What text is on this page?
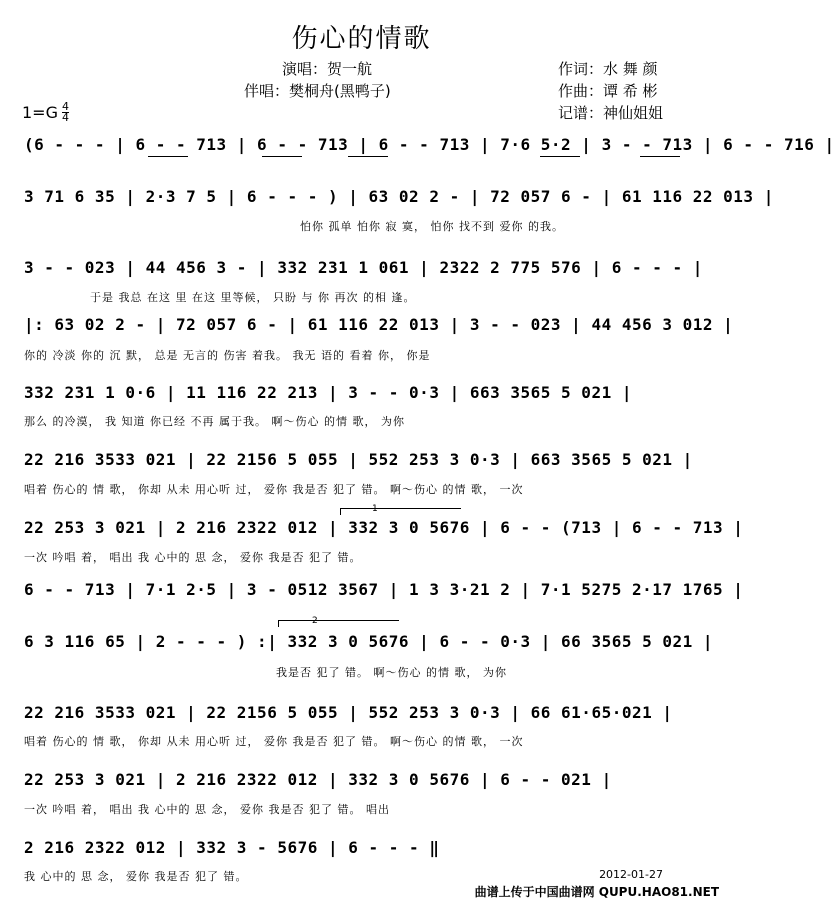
伤心的情歌
演唱：贺一航
伴唱：樊桐舟(黑鸭子)
作词：水 舞 颜
作曲：谭 希 彬
记谱：神仙姐姐
$1=G \frac{4}{4}$
(6 - - - | 6 - - 713 | 6 - - 713 | 6 - - 713 | 7·6 5·2 | 3 - - 713 | 6 - - 716 |
3 71 6 35 | 2·3 7 5 | 6 - - - ) | 63 02 2 - | 72 057 6 - | 61 116 22 013 |
怕你 孤单 怕你 寂 寞， 怕你 找不到 爱你 的我。
3 - - 023 | 44 456 3 - | 332 231 1 061 | 2322 2 775 576 | 6 - - - |
于是 我总 在这 里 在这 里等候， 只盼 与 你 再次 的相 逢。
|: 63 02 2 - | 72 057 6 - | 61 116 22 013 | 3 - - 023 | 44 456 3 012 |
你的 冷淡 你的 沉 默， 总是 无言的 伤害 着我。 我无 语的 看着 你， 你是
332 231 1 0·6 | 11 116 22 213 | 3 - - 0·3 | 663 3565 5 021 |
那么 的冷漠， 我 知道 你已经 不再 属于我。 啊～伤心 的情 歌， 为你
22 216 3533 021 | 22 2156 5 055 | 552 253 3 0·3 | 663 3565 5 021 |
唱着 伤心的 情 歌， 你却 从未 用心听 过， 爱你 我是否 犯了 错。 啊～伤心 的情 歌， 一次
1
22 253 3 021 | 2 216 2322 012 | 332 3 0 5676 | 6 - - (713 | 6 - - 713 |
一次 吟唱 着， 唱出 我 心中的 思 念， 爱你 我是否 犯了 错。
6 - - 713 | 7·1 2·5 | 3 - 0512 3567 | 1 3 3·21 2 | 7·1 5275 2·17 1765 |
2
6 3 116 65 | 2 - - - ) :| 332 3 0 5676 | 6 - - 0·3 | 66 3565 5 021 |
我是否 犯了 错。 啊～伤心 的情 歌， 为你
22 216 3533 021 | 22 2156 5 055 | 552 253 3 0·3 | 66 61·65·021 |
唱着 伤心的 情 歌， 你却 从未 用心听 过， 爱你 我是否 犯了 错。 啊～伤心 的情 歌， 一次
22 253 3 021 | 2 216 2322 012 | 332 3 0 5676 | 6 - - 021 |
一次 吟唱 着， 唱出 我 心中的 思 念， 爱你 我是否 犯了 错。 唱出
2 216 2322 012 | 332 3 - 5676 | 6 - - - ‖
我 心中的 思 念， 爱你 我是否 犯了 错。	2012-01-27
曲谱上传于中国曲谱网 QUPU.HAO81.NET
